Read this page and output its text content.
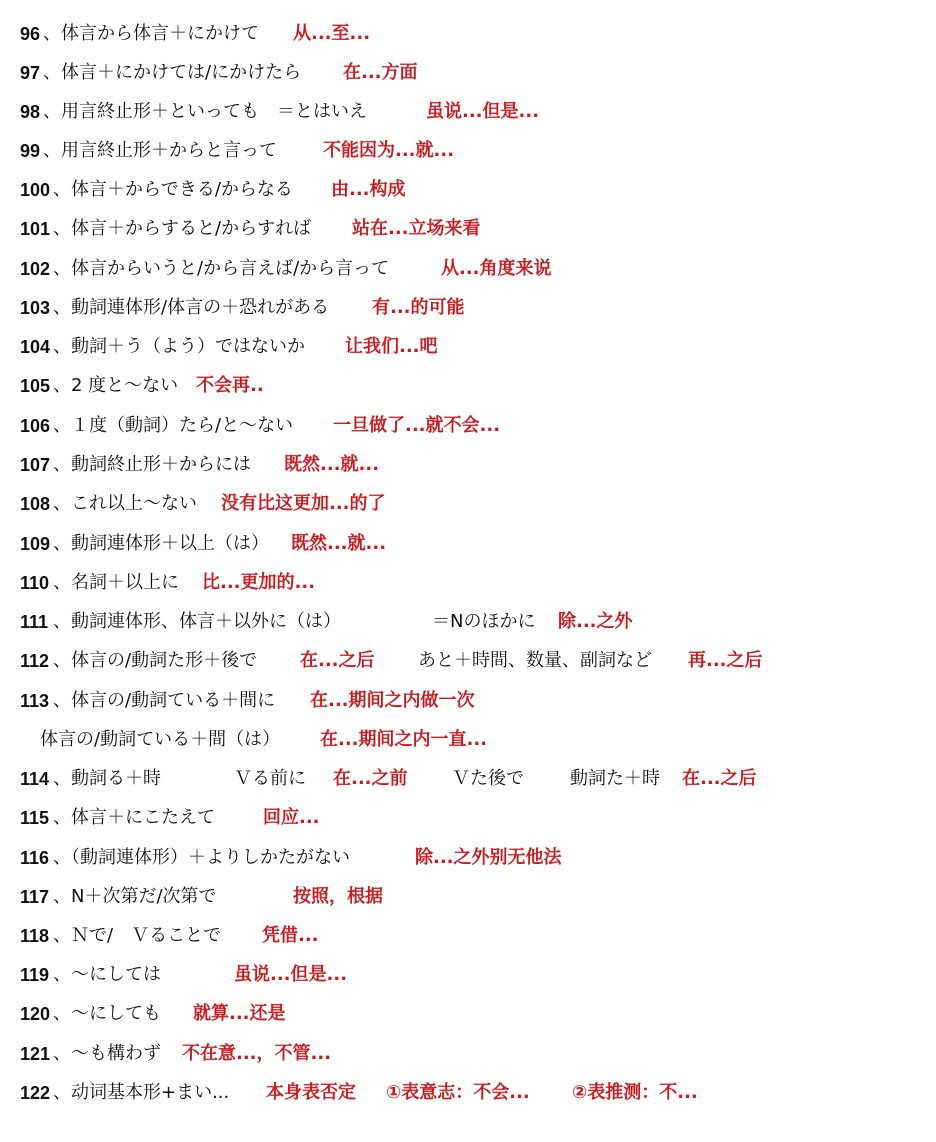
96 、体言から体言＋にかけて 从...至...
97 、体言＋にかけては/にかけたら 在...方面
98 、用言終止形＋といっても　＝とはいえ	虽说...但是...
99 、用言終止形＋からと言って	不能因为...就...
100 、体言＋からできる/からなる 由...构成
101 、体言＋からすると/からすれば 站在...立场来看
102 、体言からいうと/から言えば/から言って	从...角度来说
103 、動詞連体形/体言の＋恐れがある 有...的可能
104 、動詞＋う（よう）ではないか 让我们...吧
105 、2 度と～ない 不会再..
106 、１度（動詞）たら/と～ない 一旦做了...就不会...
107 、動詞終止形＋からには 既然...就...
108 、これ以上～ない 没有比这更加...的了
109 、動詞連体形＋以上（は） 既然...就...
110 、名詞＋以上に 比...更加的...
111 、動詞連体形、体言＋以外に（は）	＝Nのほかに 除...之外
112 、体言の/動詞た形＋後で 在...之后 あと＋時間、数量、副詞など 再...之后
113 、体言の/動詞ている＋間に 在...期间之内做一次
体言の/動詞ている＋間（は） 在...期间之内一直...
114 、動詞る＋時	Ｖる前に 在...之前 Ｖた後で	動詞た＋時 在...之后
115 、体言＋にこたえて	回应...
116 、（動詞連体形）＋よりしかたがない	除...之外别无他法
117 、N＋次第だ/次第で	按照，根据
118 、Ｎで/　Ｖることで 凭借...
119 、～にしては	虽说...但是...
120 、～にしても 就算...还是
121 、～も構わず 不在意...，不管...
122 、动词基本形+まい... 本身表否定 ①表意志：不会... ②表推测：不...
